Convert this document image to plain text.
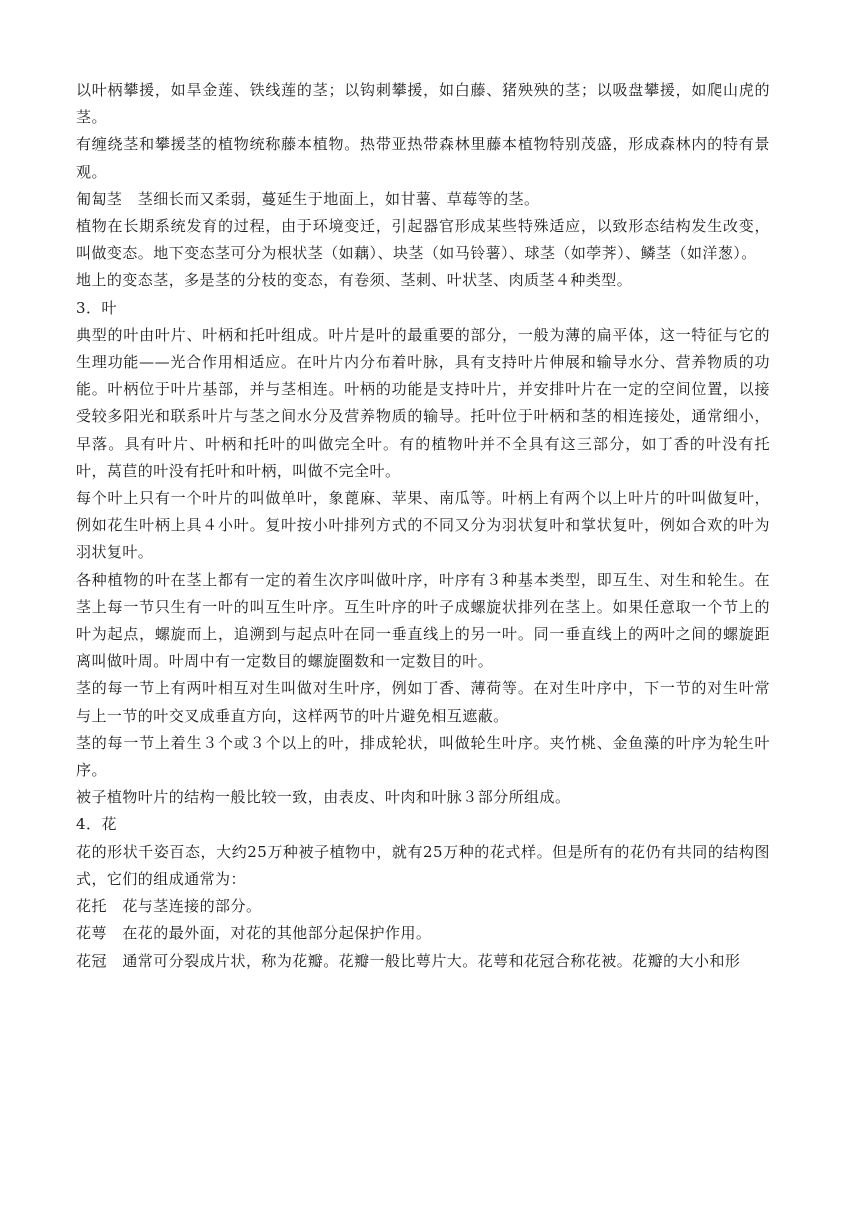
以叶柄攀援，如旱金莲、铁线莲的茎；以钩刺攀援，如白藤、猪殃殃的茎；以吸盘攀援，如爬山虎的茎。

有缠绕茎和攀援茎的植物统称藤本植物。热带亚热带森林里藤本植物特别茂盛，形成森林内的特有景观。

匍匐茎　茎细长而又柔弱，蔓延生于地面上，如甘薯、草莓等的茎。

植物在长期系统发育的过程，由于环境变迁，引起器官形成某些特殊适应，以致形态结构发生改变，叫做变态。地下变态茎可分为根状茎（如藕）、块茎（如马铃薯）、球茎（如荸荠）、鳞茎（如洋葱）。

地上的变态茎，多是茎的分枝的变态，有卷须、茎刺、叶状茎、肉质茎４种类型。

3．叶

典型的叶由叶片、叶柄和托叶组成。叶片是叶的最重要的部分，一般为薄的扁平体，这一特征与它的生理功能——光合作用相适应。在叶片内分布着叶脉，具有支持叶片伸展和输导水分、营养物质的功能。叶柄位于叶片基部，并与茎相连。叶柄的功能是支持叶片，并安排叶片在一定的空间位置，以接受较多阳光和联系叶片与茎之间水分及营养物质的输导。托叶位于叶柄和茎的相连接处，通常细小，早落。具有叶片、叶柄和托叶的叫做完全叶。有的植物叶并不全具有这三部分，如丁香的叶没有托叶，莴苣的叶没有托叶和叶柄，叫做不完全叶。

每个叶上只有一个叶片的叫做单叶，象蓖麻、苹果、南瓜等。叶柄上有两个以上叶片的叶叫做复叶，例如花生叶柄上具４小叶。复叶按小叶排列方式的不同又分为羽状复叶和掌状复叶，例如合欢的叶为羽状复叶。

各种植物的叶在茎上都有一定的着生次序叫做叶序，叶序有３种基本类型，即互生、对生和轮生。在茎上每一节只生有一叶的叫互生叶序。互生叶序的叶子成螺旋状排列在茎上。如果任意取一个节上的叶为起点，螺旋而上，追溯到与起点叶在同一垂直线上的另一叶。同一垂直线上的两叶之间的螺旋距离叫做叶周。叶周中有一定数目的螺旋圈数和一定数目的叶。

茎的每一节上有两叶相互对生叫做对生叶序，例如丁香、薄荷等。在对生叶序中，下一节的对生叶常与上一节的叶交叉成垂直方向，这样两节的叶片避免相互遮蔽。

茎的每一节上着生３个或３个以上的叶，排成轮状，叫做轮生叶序。夹竹桃、金鱼藻的叶序为轮生叶序。

被子植物叶片的结构一般比较一致，由表皮、叶肉和叶脉３部分所组成。

4．花

花的形状千姿百态，大约25万种被子植物中，就有25万种的花式样。但是所有的花仍有共同的结构图式，它们的组成通常为：

花托　花与茎连接的部分。

花萼　在花的最外面，对花的其他部分起保护作用。

花冠　通常可分裂成片状，称为花瓣。花瓣一般比萼片大。花萼和花冠合称花被。花瓣的大小和形
